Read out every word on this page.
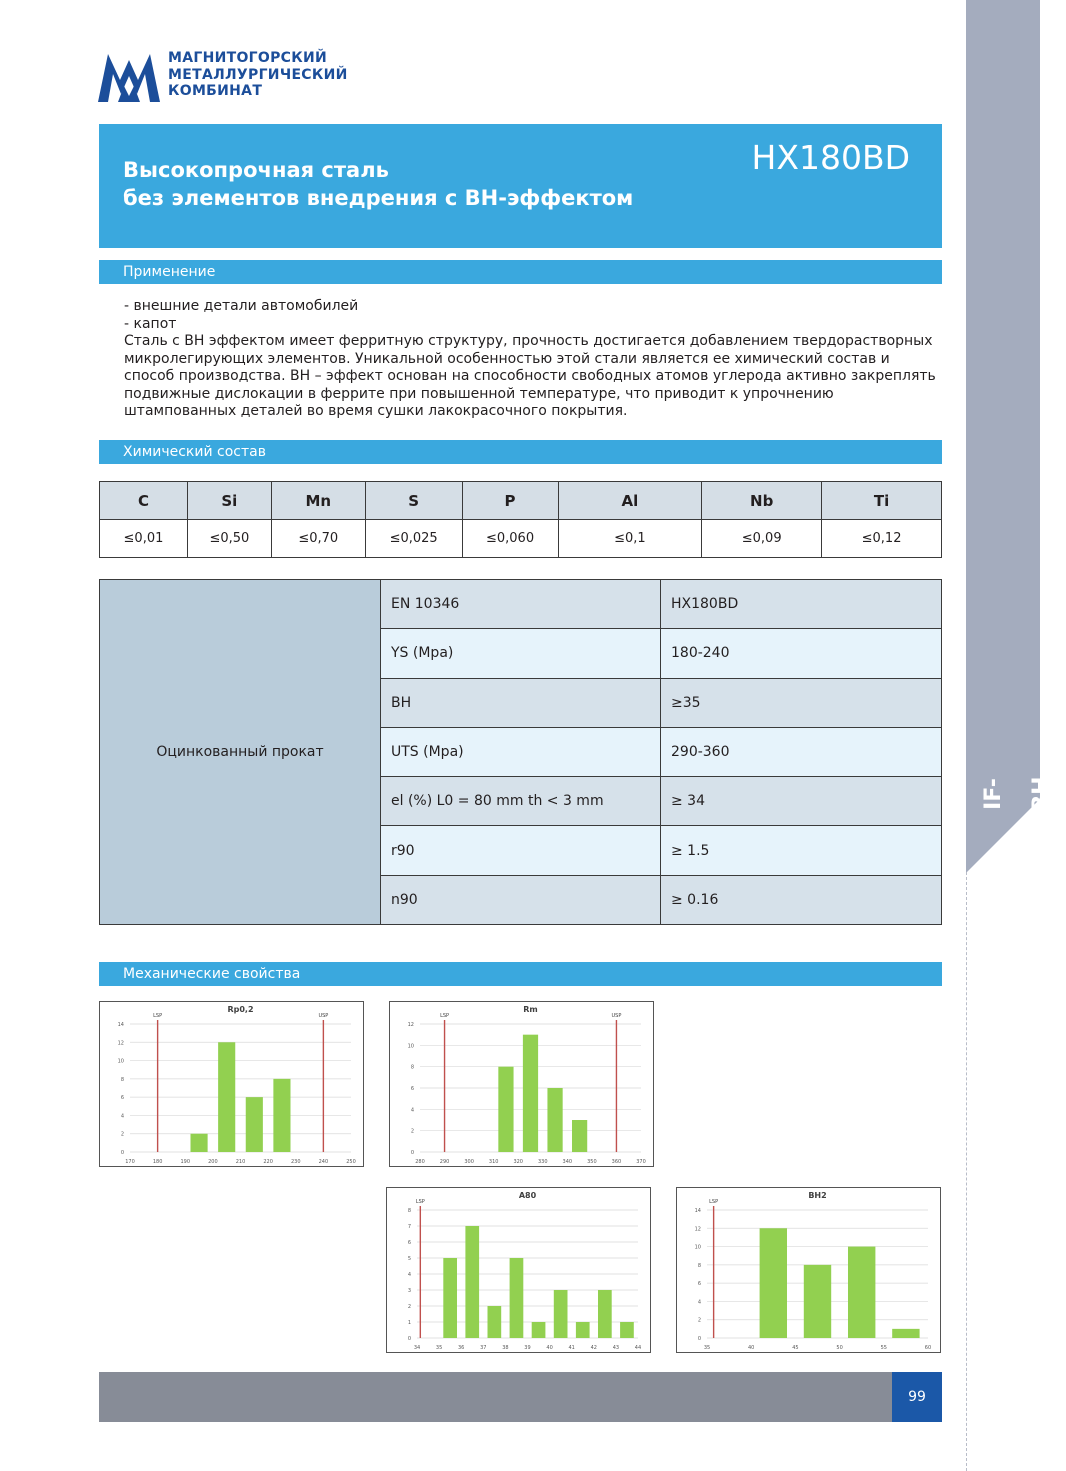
IF-BH
МАГНИТОГОРСКИЙ
МЕТАЛЛУРГИЧЕСКИЙ
КОМБИНАТ
Высокопрочная сталь
без элементов внедрения с ВН-эффектом
HX180BD
Применение
- внешние детали автомобилей
- капот
Сталь с ВН эффектом имеет ферритную структуру, прочность достигается добавлением твердорастворных микролегирующих элементов. Уникальной особенностью этой стали является ее химический состав и способ производства. ВН – эффект основан на способности свободных атомов углерода активно закреплять подвижные дислокации в феррите при повышенной температуре, что приводит к упрочнению штампованных деталей во время сушки лакокрасочного покрытия.
Химический состав
C	Si	Mn	S	P	Al	Nb	Ti
≤0,01	≤0,50	≤0,70	≤0,025	≤0,060	≤0,1	≤0,09	≤0,12
Оцинкованный прокат	EN 10346	HX180BD
	YS (Mpa)	180-240
	BH	≥35
	UTS (Mpa)	290-360
	el (%) L0 = 80 mm th < 3 mm	≥ 34
	r90	≥ 1.5
	n90	≥ 0.16
Механические свойства
Rp0,2
0
2
4
6
8
10
12
14
170	180	190	200	210	220	230	240	250
LSP	USP
Rm
0
2
4
6
8
10
12
280	290	300	310	320	330	340	350	360	370
LSP	USP
A80
0
1
2
3
4
5
6
7
8
34	35	36	37	38	39	40	41	42	43	44
LSP
BH2
0
2
4
6
8
10
12
14
35	40	45	50	55	60
LSP
99
